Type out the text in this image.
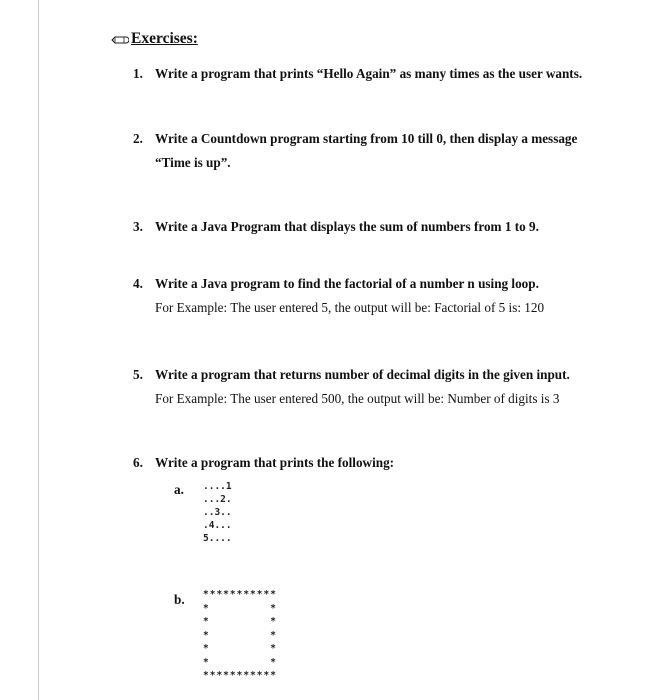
Exercises:
1. Write a program that prints “Hello Again” as many times as the user wants.
2. Write a Countdown program starting from 10 till 0, then display a message
“Time is up”.
3. Write a Java Program that displays the sum of numbers from 1 to 9.
4. Write a Java program to find the factorial of a number n using loop.
For Example: The user entered 5, the output will be: Factorial of 5 is: 120
5. Write a program that returns number of decimal digits in the given input.
For Example: The user entered 500, the output will be: Number of digits is 3
6. Write a program that prints the following:
a. ....1
...2.
..3..
.4...
5....
b. ***********
*         *
*         *
*         *
*         *
*         *
***********
